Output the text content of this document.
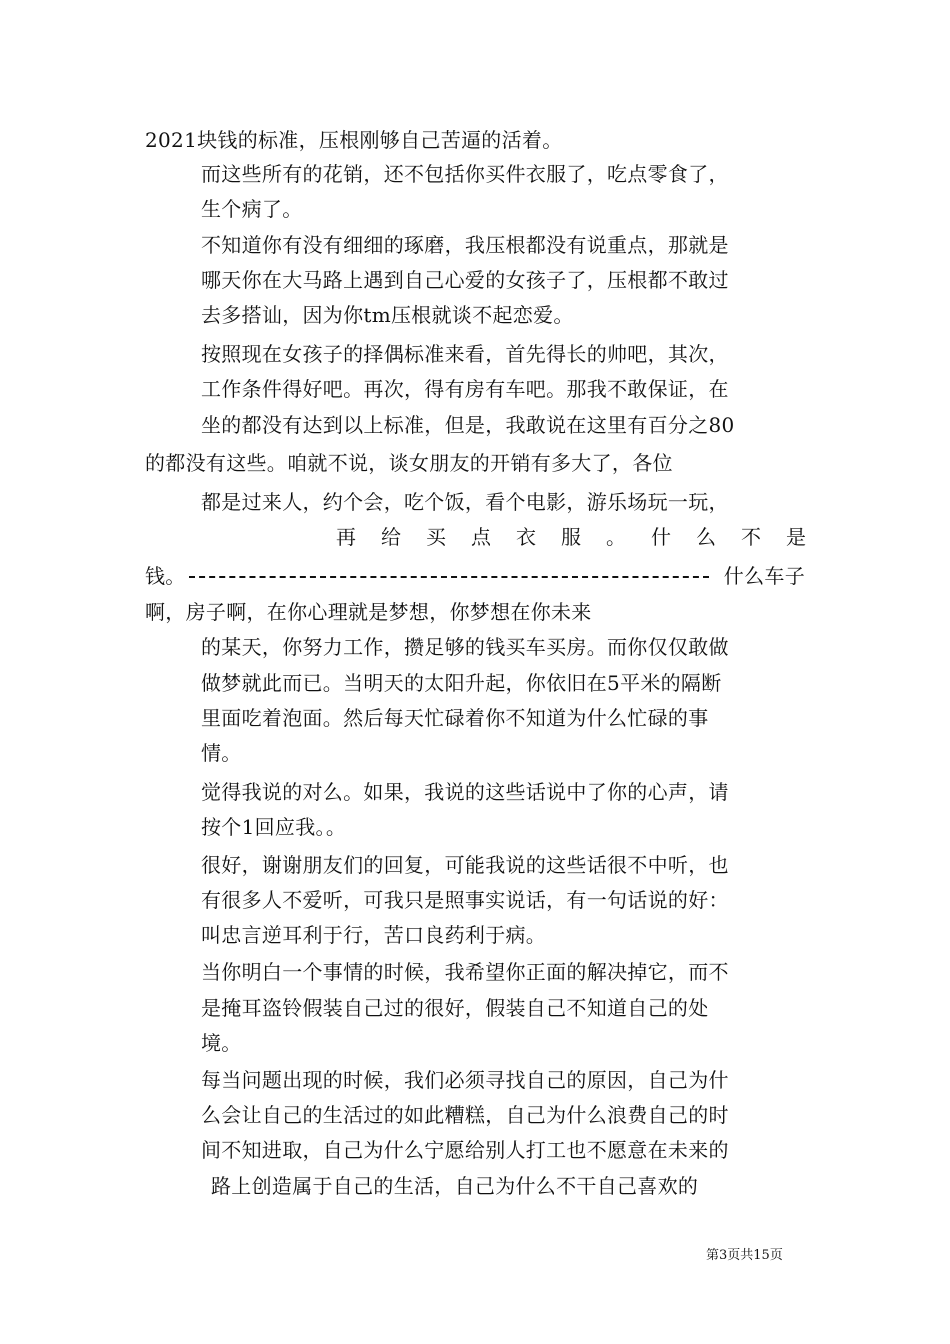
2021块钱的标准，压根刚够自己苦逼的活着。
而这些所有的花销，还不包括你买件衣服了，吃点零食了，
生个病了。
不知道你有没有细细的琢磨，我压根都没有说重点，那就是
哪天你在大马路上遇到自己心爱的女孩子了，压根都不敢过
去多搭讪，因为你tm压根就谈不起恋爱。
按照现在女孩子的择偶标准来看，首先得长的帅吧，其次，
工作条件得好吧。再次，得有房有车吧。那我不敢保证，在
坐的都没有达到以上标准，但是，我敢说在这里有百分之80
的都没有这些。咱就不说，谈女朋友的开销有多大了，各位
都是过来人，约个会，吃个饭，看个电影，游乐场玩一玩，
再给买点衣服。什么不是
钱。	什么车子
啊，房子啊，在你心理就是梦想，你梦想在你未来
的某天，你努力工作，攒足够的钱买车买房。而你仅仅敢做
做梦就此而已。当明天的太阳升起，你依旧在5平米的隔断
里面吃着泡面。然后每天忙碌着你不知道为什么忙碌的事
情。
觉得我说的对么。如果，我说的这些话说中了你的心声，请
按个1回应我。。
很好，谢谢朋友们的回复，可能我说的这些话很不中听，也
有很多人不爱听，可我只是照事实说话，有一句话说的好：
叫忠言逆耳利于行，苦口良药利于病。
当你明白一个事情的时候，我希望你正面的解决掉它，而不
是掩耳盗铃假装自己过的很好，假装自己不知道自己的处
境。
每当问题出现的时候，我们必须寻找自己的原因，自己为什
么会让自己的生活过的如此糟糕，自己为什么浪费自己的时
间不知进取，自己为什么宁愿给别人打工也不愿意在未来的
路上创造属于自己的生活，自己为什么不干自己喜欢的
第3页共15页
